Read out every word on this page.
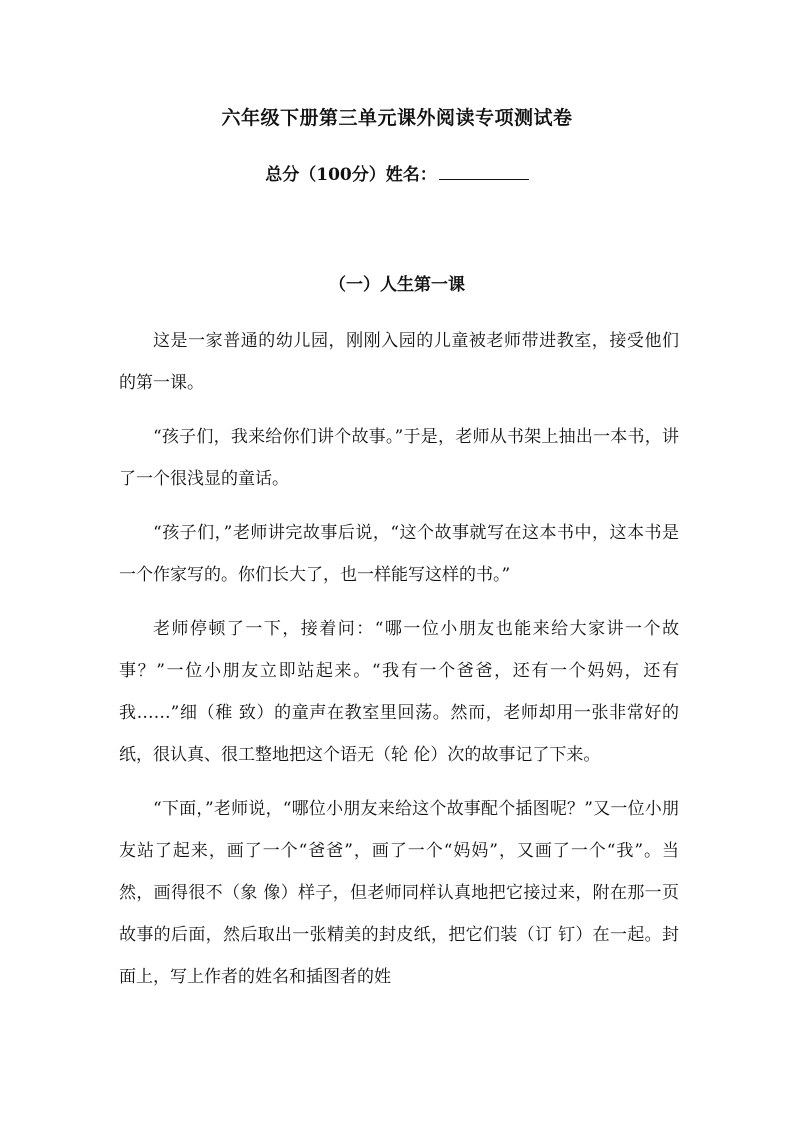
六年级下册第三单元课外阅读专项测试卷
总分（100分）姓名：
（一）人生第一课

这是一家普通的幼儿园，刚刚入园的儿童被老师带进教室，接受他们的第一课。

“孩子们，我来给你们讲个故事。”于是，老师从书架上抽出一本书，讲了一个很浅显的童话。

“孩子们，”老师讲完故事后说，“这个故事就写在这本书中，这本书是一个作家写的。你们长大了，也一样能写这样的书。”

老师停顿了一下，接着问：“哪一位小朋友也能来给大家讲一个故事？”一位小朋友立即站起来。“我有一个爸爸，还有一个妈妈，还有我……”细（稚 致）的童声在教室里回荡。然而，老师却用一张非常好的纸，很认真、很工整地把这个语无（轮 伦）次的故事记了下来。

“下面，”老师说，“哪位小朋友来给这个故事配个插图呢？”又一位小朋友站了起来，画了一个“爸爸”，画了一个“妈妈”，又画了一个“我”。当然，画得很不（象 像）样子，但老师同样认真地把它接过来，附在那一页故事的后面，然后取出一张精美的封皮纸，把它们装（订 钉）在一起。封面上，写上作者的姓名和插图者的姓
